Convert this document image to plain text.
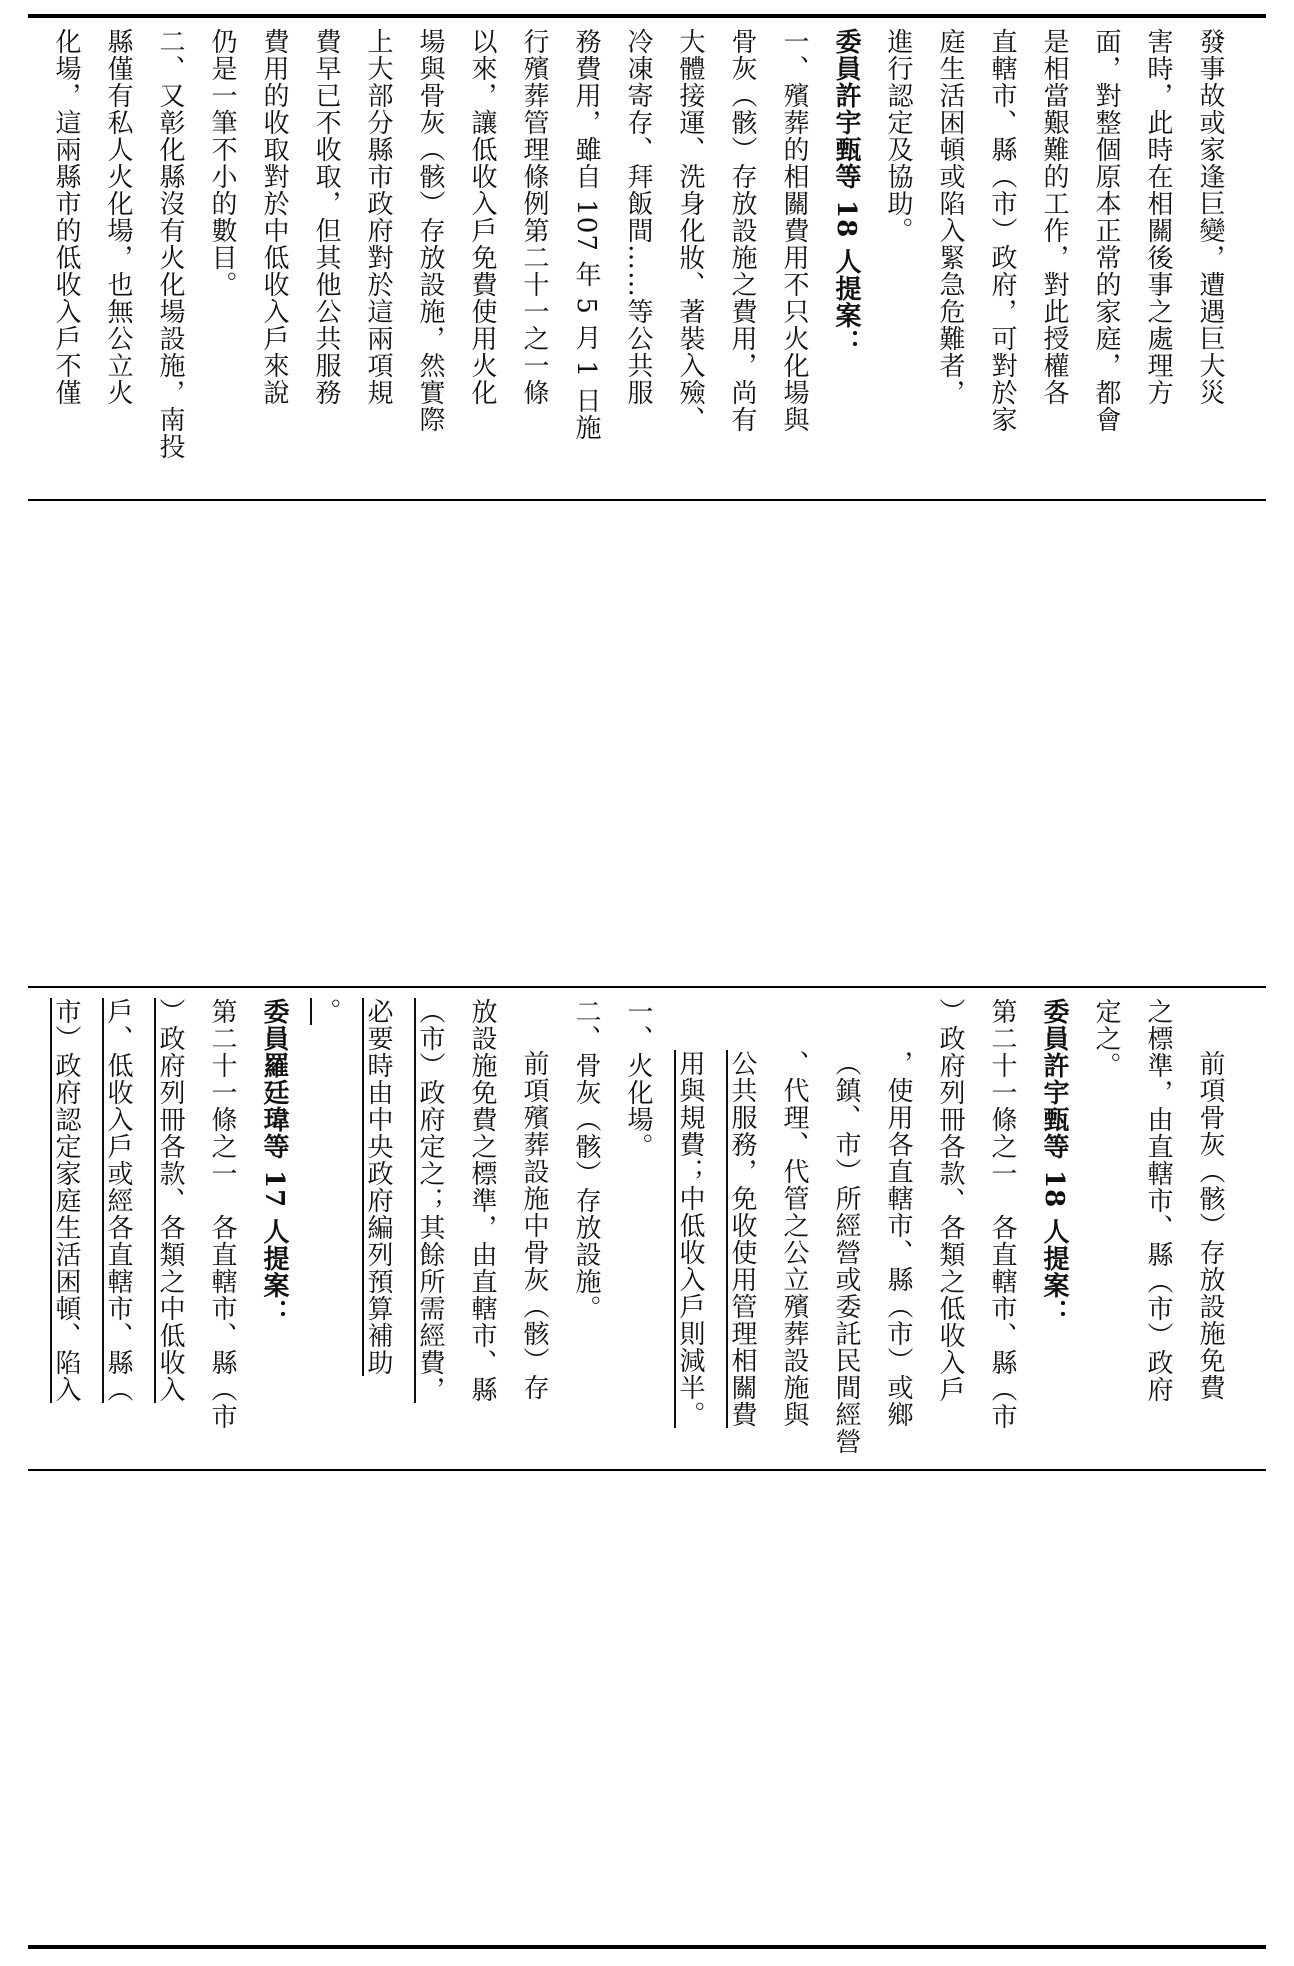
發事故或家逢巨變，遭遇巨大災

害時，此時在相關後事之處理方

面，對整個原本正常的家庭，都會

是相當艱難的工作，對此授權各

直轄市、縣（市）政府，可對於家

庭生活困頓或陷入緊急危難者，

進行認定及協助。

委員許宇甄等 18 人提案：

一、殯葬的相關費用不只火化場與

骨灰（骸）存放設施之費用，尚有

大體接運、洗身化妝、著裝入殮、

冷凍寄存、拜飯間……等公共服

務費用，雖自 107 年 5 月 1 日施

行殯葬管理條例第二十一之一條

以來，讓低收入戶免費使用火化

場與骨灰（骸）存放設施，然實際

上大部分縣市政府對於這兩項規

費早已不收取，但其他公共服務

費用的收取對於中低收入戶來說

仍是一筆不小的數目。

二、又彰化縣沒有火化場設施，南投

縣僅有私人火化場，也無公立火

化場，這兩縣市的低收入戶不僅

前項骨灰（骸）存放設施免費

之標準，由直轄市、縣（市）政府

定之。

委員許宇甄等 18 人提案：

第二十一條之一　各直轄市、縣（市

）政府列冊各款、各類之低收入戶

，使用各直轄市、縣（市）或鄉

（鎮、市）所經營或委託民間經營

、代理、代管之公立殯葬設施與

公共服務，免收使用管理相關費

用與規費；中低收入戶則減半。

一、火化場。

二、骨灰（骸）存放設施。

前項殯葬設施中骨灰（骸）存

放設施免費之標準，由直轄市、縣

（市）政府定之；其餘所需經費，

必要時由中央政府編列預算補助

。

委員羅廷瑋等 17 人提案：

第二十一條之一　各直轄市、縣（市

）政府列冊各款、各類之中低收入

戶、低收入戶或經各直轄市、縣（

市）政府認定家庭生活困頓、陷入
